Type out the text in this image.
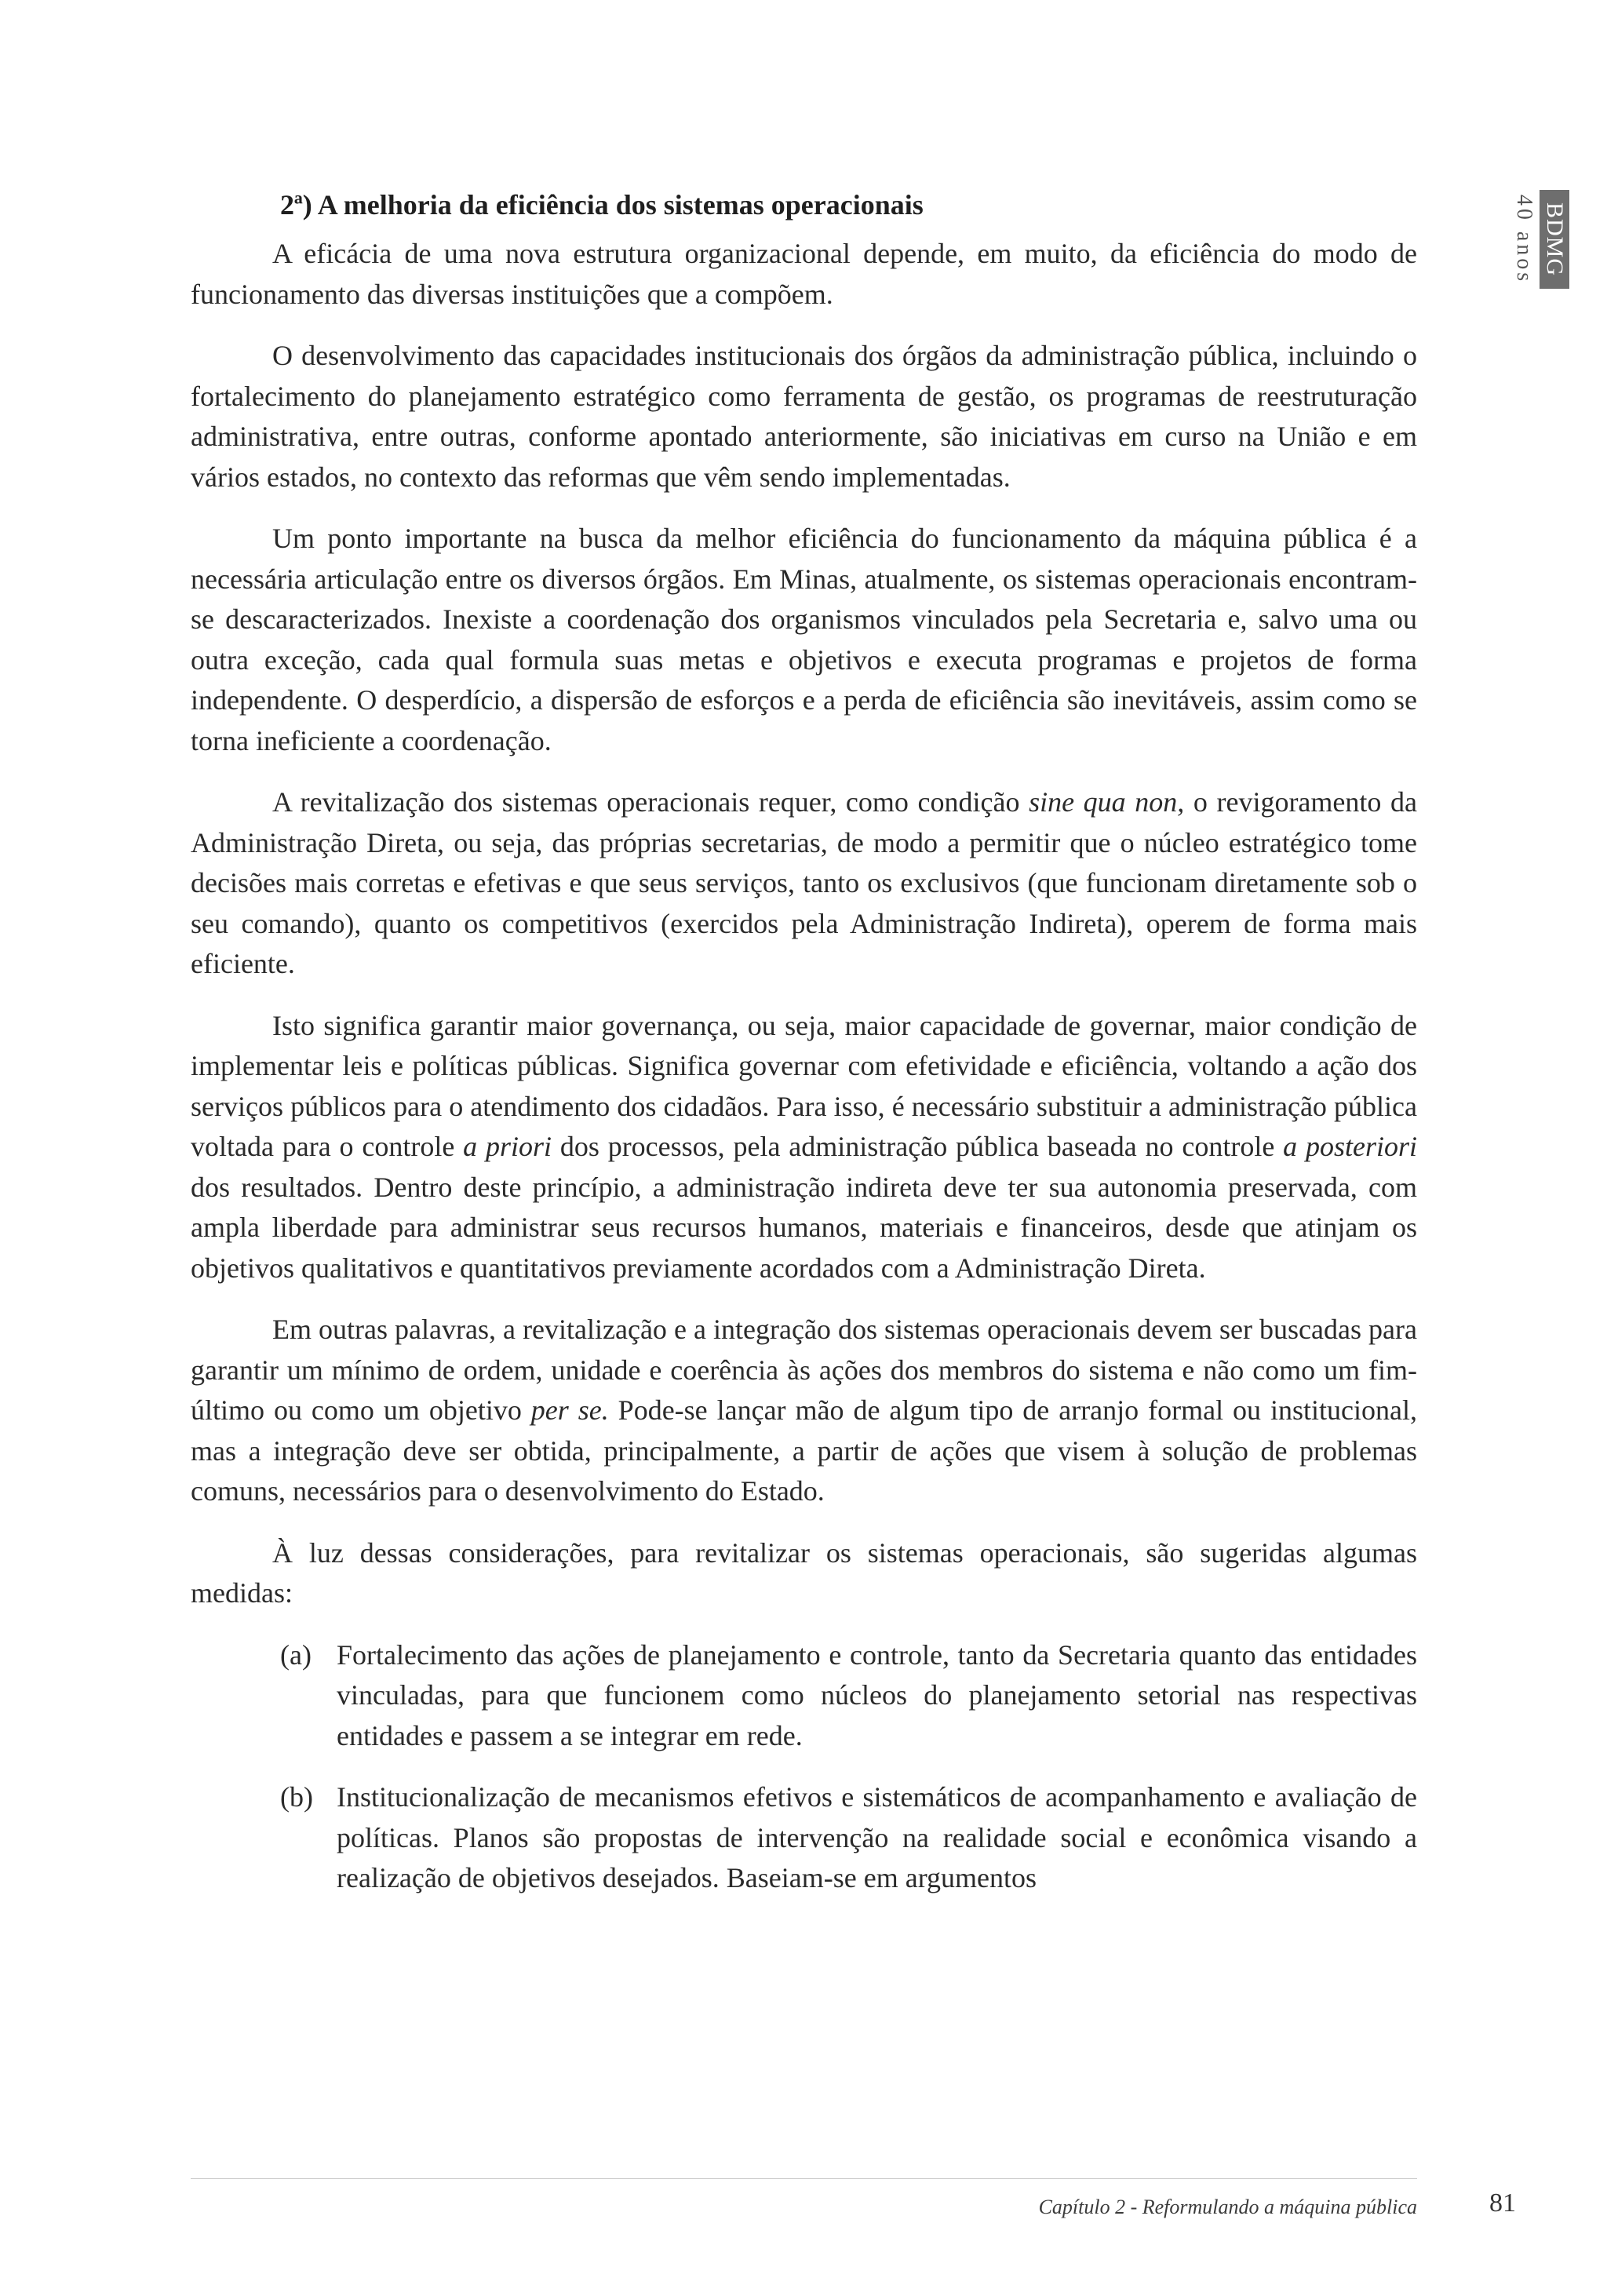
BDMG
40 anos
2ª) A melhoria da eficiência dos sistemas operacionais

A eficácia de uma nova estrutura organizacional depende, em muito, da eficiência do modo de funcionamento das diversas instituições que a compõem.

O desenvolvimento das capacidades institucionais dos órgãos da administração pública, incluindo o fortalecimento do planejamento estratégico como ferramenta de gestão, os programas de reestruturação administrativa, entre outras, conforme apontado anteriormente, são iniciativas em curso na União e em vários estados, no contexto das reformas que vêm sendo implementadas.

Um ponto importante na busca da melhor eficiência do funcionamento da máquina pública é a necessária articulação entre os diversos órgãos. Em Minas, atualmente, os sistemas operacionais encontram-se descaracterizados. Inexiste a coordenação dos organismos vinculados pela Secretaria e, salvo uma ou outra exceção, cada qual formula suas metas e objetivos e executa programas e projetos de forma independente. O desperdício, a dispersão de esforços e a perda de eficiência são inevitáveis, assim como se torna ineficiente a coordenação.

A revitalização dos sistemas operacionais requer, como condição sine qua non, o revigoramento da Administração Direta, ou seja, das próprias secretarias, de modo a permitir que o núcleo estratégico tome decisões mais corretas e efetivas e que seus serviços, tanto os exclusivos (que funcionam diretamente sob o seu comando), quanto os competitivos (exercidos pela Administração Indireta), operem de forma mais eficiente.

Isto significa garantir maior governança, ou seja, maior capacidade de governar, maior condição de implementar leis e políticas públicas. Significa governar com efetividade e eficiência, voltando a ação dos serviços públicos para o atendimento dos cidadãos. Para isso, é necessário substituir a administração pública voltada para o controle a priori dos processos, pela administração pública baseada no controle a posteriori dos resultados. Dentro deste princípio, a administração indireta deve ter sua autonomia preservada, com ampla liberdade para administrar seus recursos humanos, materiais e financeiros, desde que atinjam os objetivos qualitativos e quantitativos previamente acordados com a Administração Direta.

Em outras palavras, a revitalização e a integração dos sistemas operacionais devem ser buscadas para garantir um mínimo de ordem, unidade e coerência às ações dos membros do sistema e não como um fim-último ou como um objetivo per se. Pode-se lançar mão de algum tipo de arranjo formal ou institucional, mas a integração deve ser obtida, principalmente, a partir de ações que visem à solução de problemas comuns, necessários para o desenvolvimento do Estado.

À luz dessas considerações, para revitalizar os sistemas operacionais, são sugeridas algumas medidas:

(a) Fortalecimento das ações de planejamento e controle, tanto da Secretaria quanto das entidades vinculadas, para que funcionem como núcleos do planejamento setorial nas respectivas entidades e passem a se integrar em rede.
(b) Institucionalização de mecanismos efetivos e sistemáticos de acompanhamento e avaliação de políticas. Planos são propostas de intervenção na realidade social e econômica visando a realização de objetivos desejados. Baseiam-se em argumentos
Capítulo 2 - Reformulando a máquina pública	81
